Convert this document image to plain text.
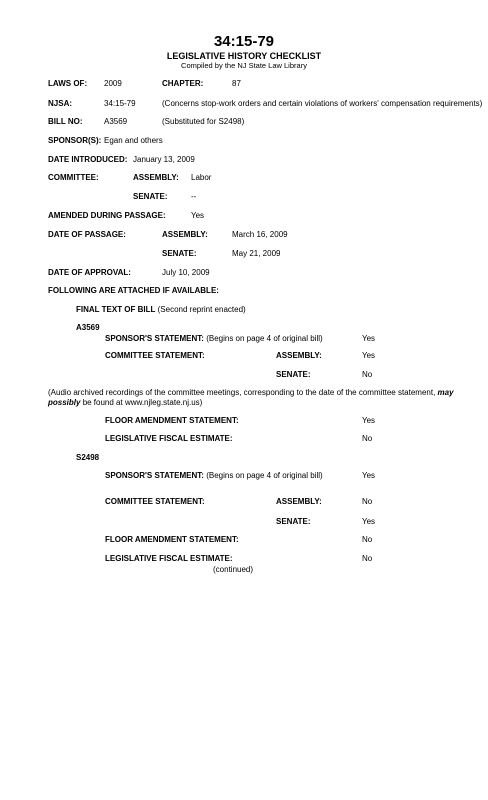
34:15-79
LEGISLATIVE HISTORY CHECKLIST
Compiled by the NJ State Law Library
LAWS OF: 2009	CHAPTER:	87
NJSA:	34:15-79	(Concerns stop-work orders and certain violations of workers' compensation requirements)
BILL NO:	A3569	(Substituted for S2498)
SPONSOR(S): Egan and others
DATE INTRODUCED: January 13, 2009
COMMITTEE:	ASSEMBLY: Labor
SENATE:	--
AMENDED DURING PASSAGE:	Yes
DATE OF PASSAGE:	ASSEMBLY:	March 16, 2009
SENATE:	May 21, 2009
DATE OF APPROVAL:	July 10, 2009
FOLLOWING ARE ATTACHED IF AVAILABLE:
FINAL TEXT OF BILL (Second reprint enacted)
A3569
SPONSOR'S STATEMENT: (Begins on page 4 of original bill)	Yes
COMMITTEE STATEMENT:	ASSEMBLY:	Yes
SENATE:	No
(Audio archived recordings of the committee meetings, corresponding to the date of the committee statement, may possibly be found at www.njleg.state.nj.us)
FLOOR AMENDMENT STATEMENT:	Yes
LEGISLATIVE FISCAL ESTIMATE:	No
S2498
SPONSOR'S STATEMENT: (Begins on page 4 of original bill)	Yes
COMMITTEE STATEMENT:	ASSEMBLY:	No
SENATE:	Yes
FLOOR AMENDMENT STATEMENT:	No
LEGISLATIVE FISCAL ESTIMATE:	No
(continued)
